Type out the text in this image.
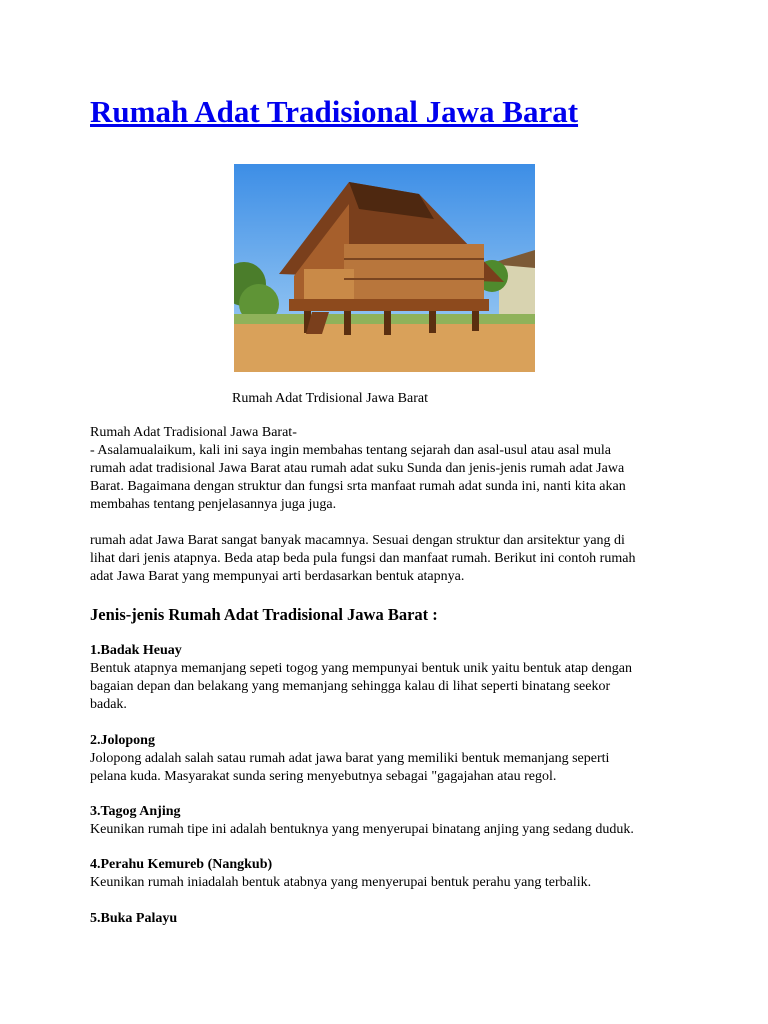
Rumah Adat Tradisional Jawa Barat
Rumah Adat Trdisional Jawa Barat

Rumah Adat Tradisional Jawa Barat-

- Asalamualaikum, kali ini saya ingin membahas tentang sejarah dan asal-usul atau asal mula

rumah adat tradisional Jawa Barat atau rumah adat suku Sunda dan jenis-jenis rumah adat Jawa

Barat. Bagaimana dengan struktur dan fungsi srta manfaat rumah adat sunda ini, nanti kita akan

membahas tentang penjelasannya juga juga.

rumah adat Jawa Barat sangat banyak macamnya. Sesuai dengan struktur dan arsitektur yang di

lihat dari jenis atapnya. Beda atap beda pula fungsi dan manfaat rumah. Berikut ini contoh rumah

adat Jawa Barat yang mempunyai arti berdasarkan bentuk atapnya.

Jenis-jenis Rumah Adat Tradisional Jawa Barat :

1.Badak Heuay

Bentuk atapnya memanjang sepeti togog yang mempunyai bentuk unik yaitu bentuk atap dengan

bagaian depan dan belakang yang memanjang sehingga kalau di lihat seperti binatang seekor

badak.

2.Jolopong

Jolopong adalah salah satau rumah adat jawa barat yang memiliki bentuk memanjang seperti

pelana kuda. Masyarakat sunda sering menyebutnya sebagai "gagajahan atau regol.

3.Tagog Anjing

Keunikan rumah tipe ini adalah bentuknya yang menyerupai binatang anjing yang sedang duduk.

4.Perahu Kemureb (Nangkub)

Keunikan rumah iniadalah bentuk atabnya yang menyerupai bentuk perahu yang terbalik.

5.Buka Palayu
